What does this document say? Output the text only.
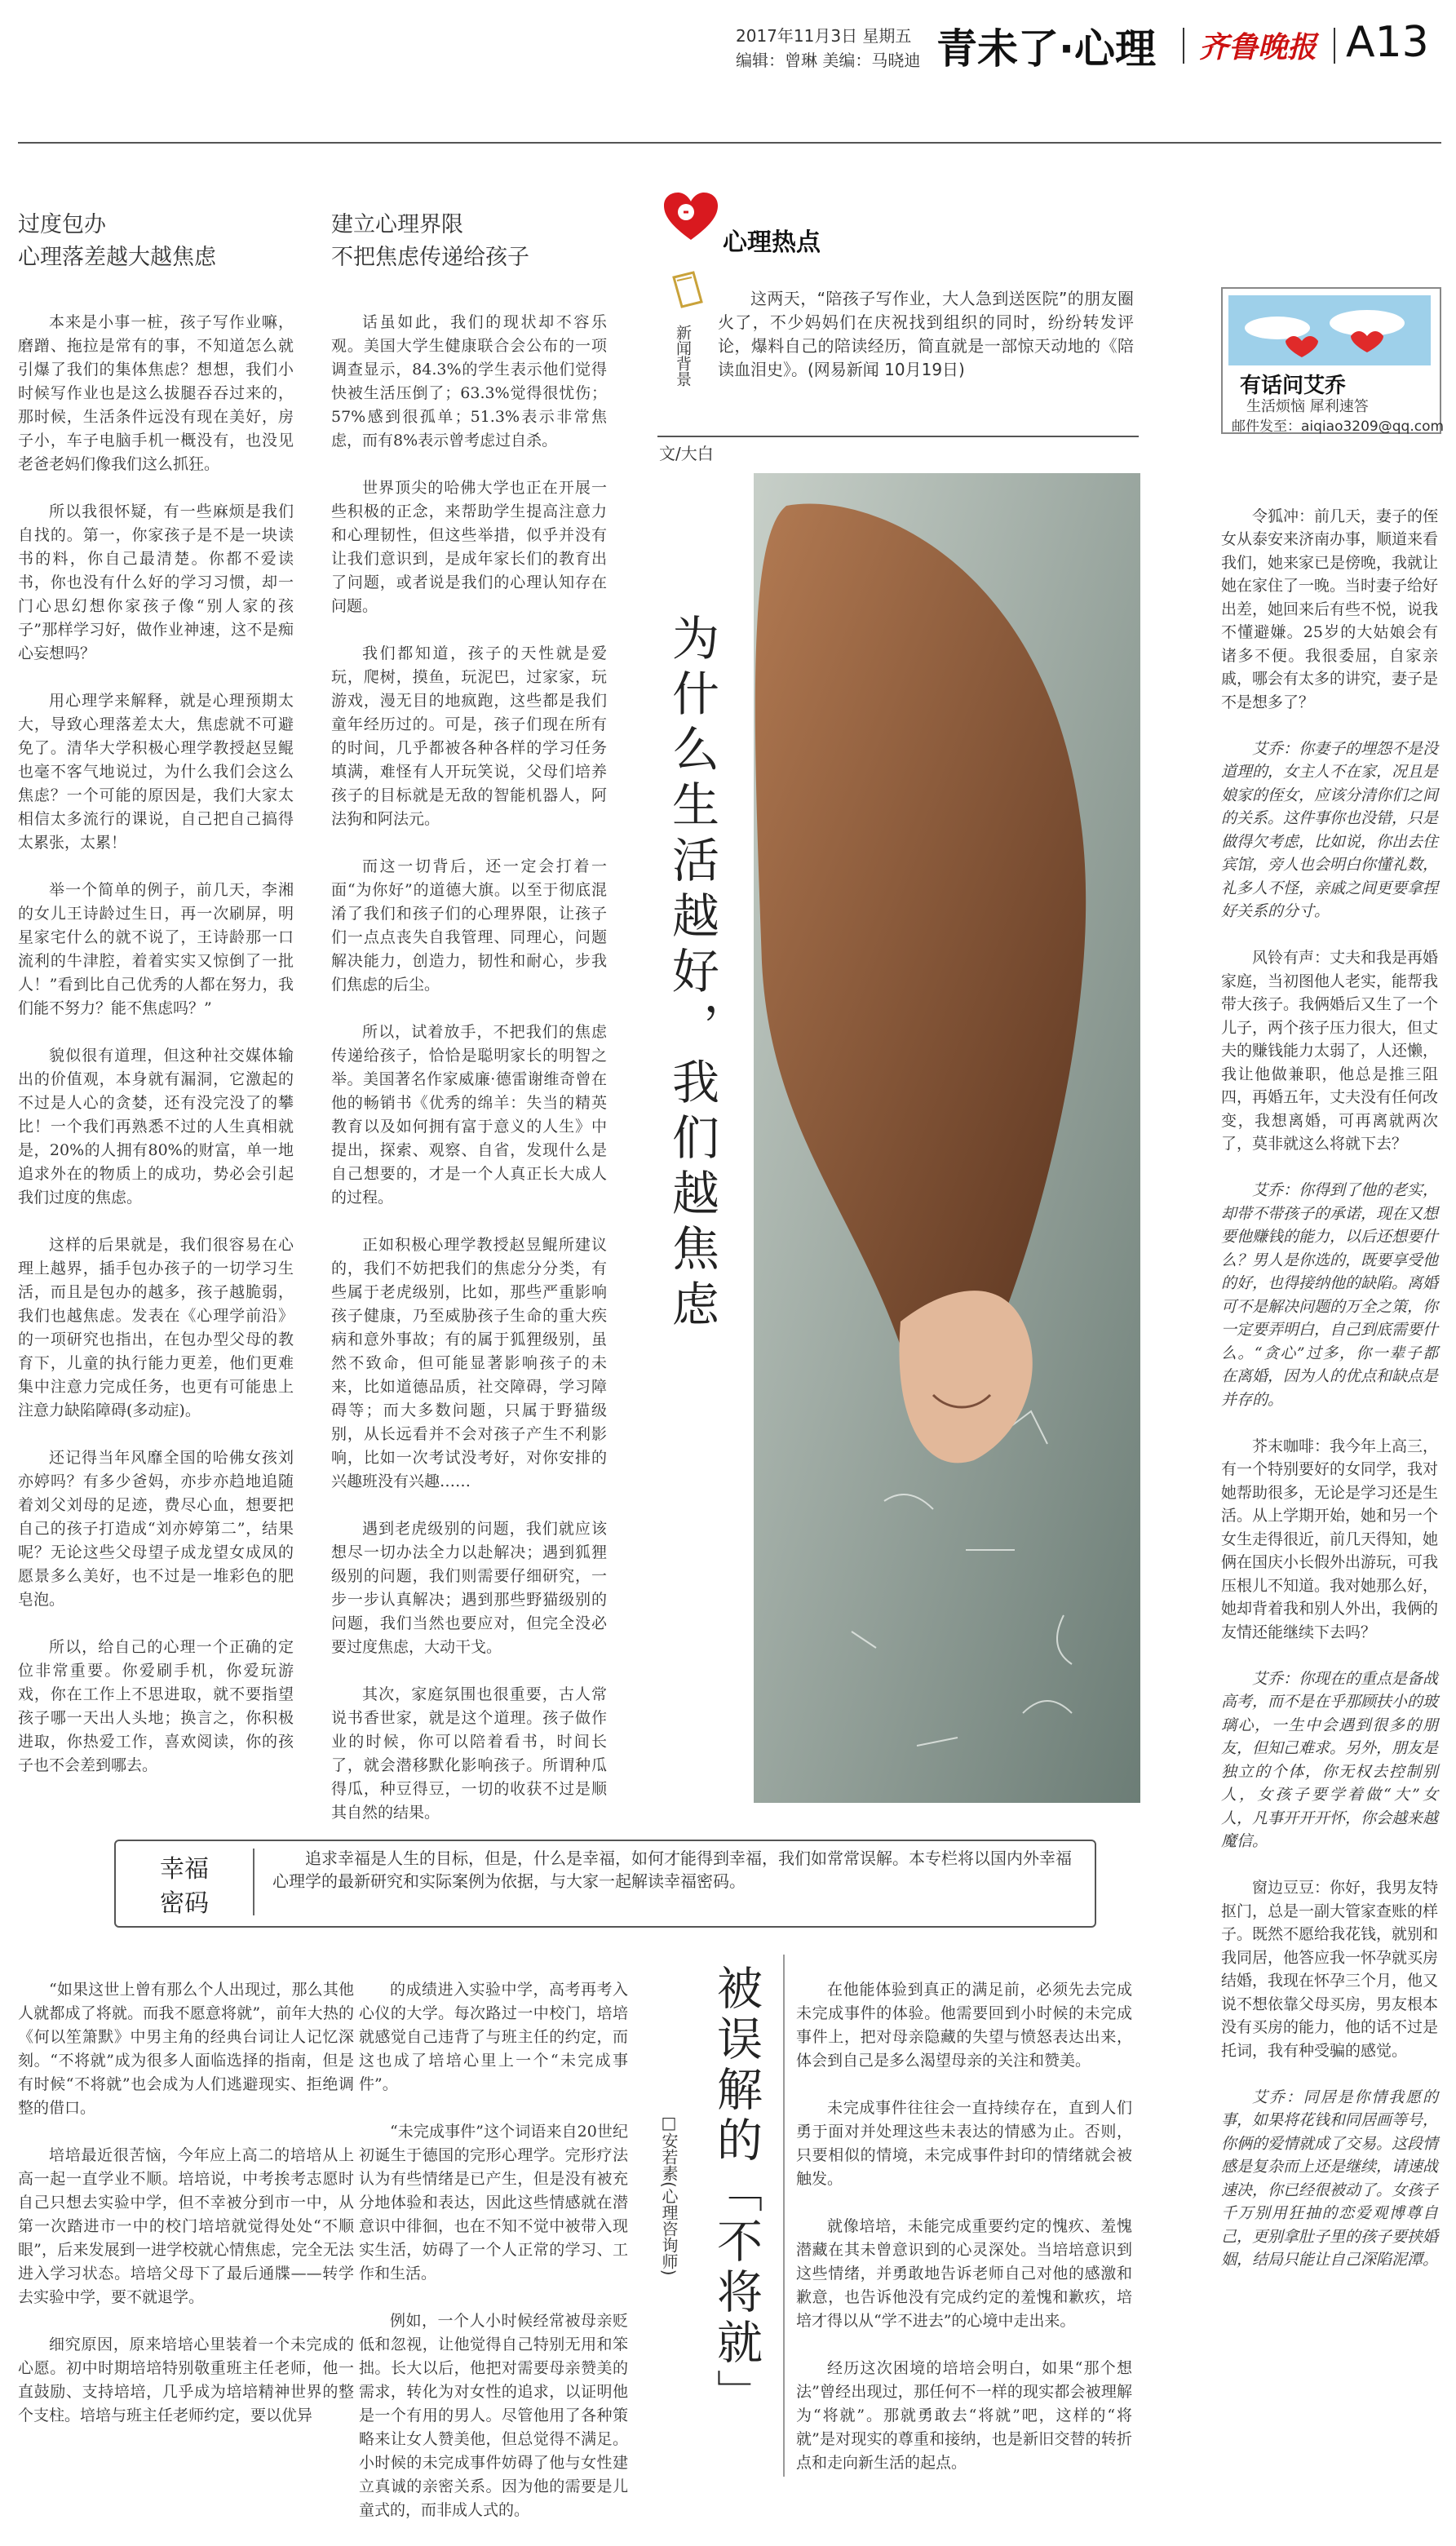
2017年11月3日 星期五
编辑：曾琳 美编：马晓迪 青未了·心理 齐鲁晚报 A13
过度包办
心理落差越大越焦虑

本来是小事一桩，孩子写作业嘛，磨蹭、拖拉是常有的事，不知道怎么就引爆了我们的集体焦虑？想想，我们小时候写作业也是这么拔腿吞吞过来的，那时候，生活条件远没有现在美好，房子小，车子电脑手机一概没有，也没见老爸老妈们像我们这么抓狂。

所以我很怀疑，有一些麻烦是我们自找的。第一，你家孩子是不是一块读书的料，你自己最清楚。你都不爱读书，你也没有什么好的学习习惯，却一门心思幻想你家孩子像“别人家的孩子”那样学习好，做作业神速，这不是痴心妄想吗？

用心理学来解释，就是心理预期太大，导致心理落差太大，焦虑就不可避免了。清华大学积极心理学教授赵昱鲲也毫不客气地说过，为什么我们会这么焦虑？一个可能的原因是，我们大家太相信太多流行的课说，自己把自己搞得太累张，太累！

举一个简单的例子，前几天，李湘的女儿王诗龄过生日，再一次刷屏，明星家宅什么的就不说了，王诗龄那一口流利的牛津腔，着着实实又惊倒了一批人！”看到比自己优秀的人都在努力，我们能不努力？能不焦虑吗？”

貌似很有道理，但这种社交媒体输出的价值观，本身就有漏洞，它激起的不过是人心的贪婪，还有没完没了的攀比！一个我们再熟悉不过的人生真相就是，20%的人拥有80%的财富，单一地追求外在的物质上的成功，势必会引起我们过度的焦虑。

这样的后果就是，我们很容易在心理上越界，插手包办孩子的一切学习生活，而且是包办的越多，孩子越脆弱，我们也越焦虑。发表在《心理学前沿》的一项研究也指出，在包办型父母的教育下，儿童的执行能力更差，他们更难集中注意力完成任务，也更有可能患上注意力缺陷障碍(多动症)。

还记得当年风靡全国的哈佛女孩刘亦婷吗？有多少爸妈，亦步亦趋地追随着刘父刘母的足迹，费尽心血，想要把自己的孩子打造成“刘亦婷第二”，结果呢？无论这些父母望子成龙望女成凤的愿景多么美好，也不过是一堆彩色的肥皂泡。

所以，给自己的心理一个正确的定位非常重要。你爱刷手机，你爱玩游戏，你在工作上不思进取，就不要指望孩子哪一天出人头地；换言之，你积极进取，你热爱工作，喜欢阅读，你的孩子也不会差到哪去。

建立心理界限
不把焦虑传递给孩子

话虽如此，我们的现状却不容乐观。美国大学生健康联合会公布的一项调查显示，84.3%的学生表示他们觉得快被生活压倒了；63.3%觉得很忧伤；57%感到很孤单；51.3%表示非常焦虑，而有8%表示曾考虑过自杀。

世界顶尖的哈佛大学也正在开展一些积极的正念，来帮助学生提高注意力和心理韧性，但这些举措，似乎并没有让我们意识到，是成年家长们的教育出了问题，或者说是我们的心理认知存在问题。

我们都知道，孩子的天性就是爱玩，爬树，摸鱼，玩泥巴，过家家，玩游戏，漫无目的地疯跑，这些都是我们童年经历过的。可是，孩子们现在所有的时间，几乎都被各种各样的学习任务填满，难怪有人开玩笑说，父母们培养孩子的目标就是无敌的智能机器人，阿法狗和阿法元。

而这一切背后，还一定会打着一面“为你好”的道德大旗。以至于彻底混淆了我们和孩子们的心理界限，让孩子们一点点丧失自我管理、同理心，问题解决能力，创造力，韧性和耐心，步我们焦虑的后尘。

所以，试着放手，不把我们的焦虑传递给孩子，恰恰是聪明家长的明智之举。美国著名作家威廉·德雷谢维奇曾在他的畅销书《优秀的绵羊：失当的精英教育以及如何拥有富于意义的人生》中提出，探索、观察、自省，发现什么是自己想要的，才是一个人真正长大成人的过程。

正如积极心理学教授赵昱鲲所建议的，我们不妨把我们的焦虑分分类，有些属于老虎级别，比如，那些严重影响孩子健康，乃至威胁孩子生命的重大疾病和意外事故；有的属于狐狸级别，虽然不致命，但可能显著影响孩子的未来，比如道德品质，社交障碍，学习障碍等；而大多数问题，只属于野猫级别，从长远看并不会对孩子产生不利影响，比如一次考试没考好，对你安排的兴趣班没有兴趣……

遇到老虎级别的问题，我们就应该想尽一切办法全力以赴解决；遇到狐狸级别的问题，我们则需要仔细研究，一步一步认真解决；遇到那些野猫级别的问题，我们当然也要应对，但完全没必要过度焦虑，大动干戈。

其次，家庭氛围也很重要，古人常说书香世家，就是这个道理。孩子做作业的时候，你可以陪着看书，时间长了，就会潜移默化影响孩子。所谓种瓜得瓜，种豆得豆，一切的收获不过是顺其自然的结果。

心理热点
新闻背景
这两天，“陪孩子写作业，大人急到送医院”的朋友圈火了，不少妈妈们在庆祝找到组织的同时，纷纷转发评论，爆料自己的陪读经历，简直就是一部惊天动地的《陪读血泪史》。(网易新闻 10月19日)
文/大白
为什么生活越好，我们越焦虑
有话问艾乔
生活烦恼 犀利速答
邮件发至：aiqiao3209@qq.com

令狐冲：前几天，妻子的侄女从泰安来济南办事，顺道来看我们，她来家已是傍晚，我就让她在家住了一晚。当时妻子给好出差，她回来后有些不悦，说我不懂避嫌。25岁的大姑娘会有诸多不便。我很委屈，自家亲戚，哪会有太多的讲究，妻子是不是想多了？

艾乔：你妻子的埋怨不是没道理的，女主人不在家，况且是娘家的侄女，应该分清你们之间的关系。这件事你也没错，只是做得欠考虑，比如说，你出去住宾馆，旁人也会明白你懂礼数，礼多人不怪，亲戚之间更要拿捏好关系的分寸。

风铃有声：丈夫和我是再婚家庭，当初图他人老实，能帮我带大孩子。我俩婚后又生了一个儿子，两个孩子压力很大，但丈夫的赚钱能力太弱了，人还懒，我让他做兼职，他总是推三阻四，再婚五年，丈夫没有任何改变，我想离婚，可再离就两次了，莫非就这么将就下去？

艾乔：你得到了他的老实，却带不带孩子的承诺，现在又想要他赚钱的能力，以后还想要什么？男人是你选的，既要享受他的好，也得接纳他的缺陷。离婚可不是解决问题的万全之策，你一定要弄明白，自己到底需要什么。“贪心”过多，你一辈子都在离婚，因为人的优点和缺点是并存的。

芥末咖啡：我今年上高三，有一个特别要好的女同学，我对她帮助很多，无论是学习还是生活。从上学期开始，她和另一个女生走得很近，前几天得知，她俩在国庆小长假外出游玩，可我压根儿不知道。我对她那么好，她却背着我和别人外出，我俩的友情还能继续下去吗？

艾乔：你现在的重点是备战高考，而不是在乎那顾扶小的玻璃心，一生中会遇到很多的朋友，但知己难求。另外，朋友是独立的个体，你无权去控制别人，女孩子要学着做“大”女人，凡事开开开怀，你会越来越魔信。

窗边豆豆：你好，我男友特抠门，总是一副大管家查账的样子。既然不愿给我花钱，就别和我同居，他答应我一怀孕就买房结婚，我现在怀孕三个月，他又说不想依靠父母买房，男友根本没有买房的能力，他的话不过是托词，我有种受骗的感觉。

艾乔：同居是你情我愿的事，如果将花钱和同居画等号，你俩的爱情就成了交易。这段情感是复杂而上还是继续，请速战速决，你已经很被动了。女孩子千万别用狂抽的恋爱观博尊自己，更别拿肚子里的孩子要挟婚姻，结局只能让自己深陷泥潭。

幸福
密码
追求幸福是人生的目标，但是，什么是幸福，如何才能得到幸福，我们如常常误解。本专栏将以国内外幸福心理学的最新研究和实际案例为依据，与大家一起解读幸福密码。

“如果这世上曾有那么个人出现过，那么其他人就都成了将就。而我不愿意将就”，前年大热的《何以笙箫默》中男主角的经典台词让人记忆深刻。“不将就”成为很多人面临选择的指南，但是有时候“不将就”也会成为人们逃避现实、拒绝调整的借口。

培培最近很苦恼，今年应上高二的培培从上高一起一直学业不顺。培培说，中考挨考志愿时自己只想去实验中学，但不幸被分到市一中，从第一次踏进市一中的校门培培就觉得处处“不顺眼”，后来发展到一进学校就心情焦虑，完全无法进入学习状态。培培父母下了最后通牒——转学去实验中学，要不就退学。

细究原因，原来培培心里装着一个未完成的心愿。初中时期培培特别敬重班主任老师，他一直鼓励、支持培培，几乎成为培培精神世界的整个支柱。培培与班主任老师约定，要以优异

的成绩进入实验中学，高考再考入心仪的大学。每次路过一中校门，培培就感觉自己违背了与班主任的约定，而这也成了培培心里上一个“未完成事件”。

“未完成事件”这个词语来自20世纪初诞生于德国的完形心理学。完形疗法认为有些情绪是已产生，但是没有被充分地体验和表达，因此这些情感就在潜意识中徘徊，也在不知不觉中被带入现实生活，妨碍了一个人正常的学习、工作和生活。

例如，一个人小时候经常被母亲贬低和忽视，让他觉得自己特别无用和笨拙。长大以后，他把对需要母亲赞美的需求，转化为对女性的追求，以证明他是一个有用的男人。尽管他用了各种策略来让女人赞美他，但总觉得不满足。小时候的未完成事件妨碍了他与女性建立真诚的亲密关系。因为他的需要是儿童式的，而非成人式的。

被误解的「不将就」
□安若素(心理咨询师)

在他能体验到真正的满足前，必须先去完成未完成事件的体验。他需要回到小时候的未完成事件上，把对母亲隐藏的失望与愤怒表达出来，体会到自己是多么渴望母亲的关注和赞美。

未完成事件往往会一直持续存在，直到人们勇于面对并处理这些未表达的情感为止。否则，只要相似的情境，未完成事件封印的情绪就会被触发。

就像培培，未能完成重要约定的愧疚、羞愧潜藏在其未曾意识到的心灵深处。当培培意识到这些情绪，并勇敢地告诉老师自己对他的感激和歉意，也告诉他没有完成约定的羞愧和歉疚，培培才得以从“学不进去”的心境中走出来。

经历这次困境的培培会明白，如果“那个想法”曾经出现过，那任何不一样的现实都会被理解为“将就”。那就勇敢去“将就”吧，这样的“将就”是对现实的尊重和接纳，也是新旧交替的转折点和走向新生活的起点。
